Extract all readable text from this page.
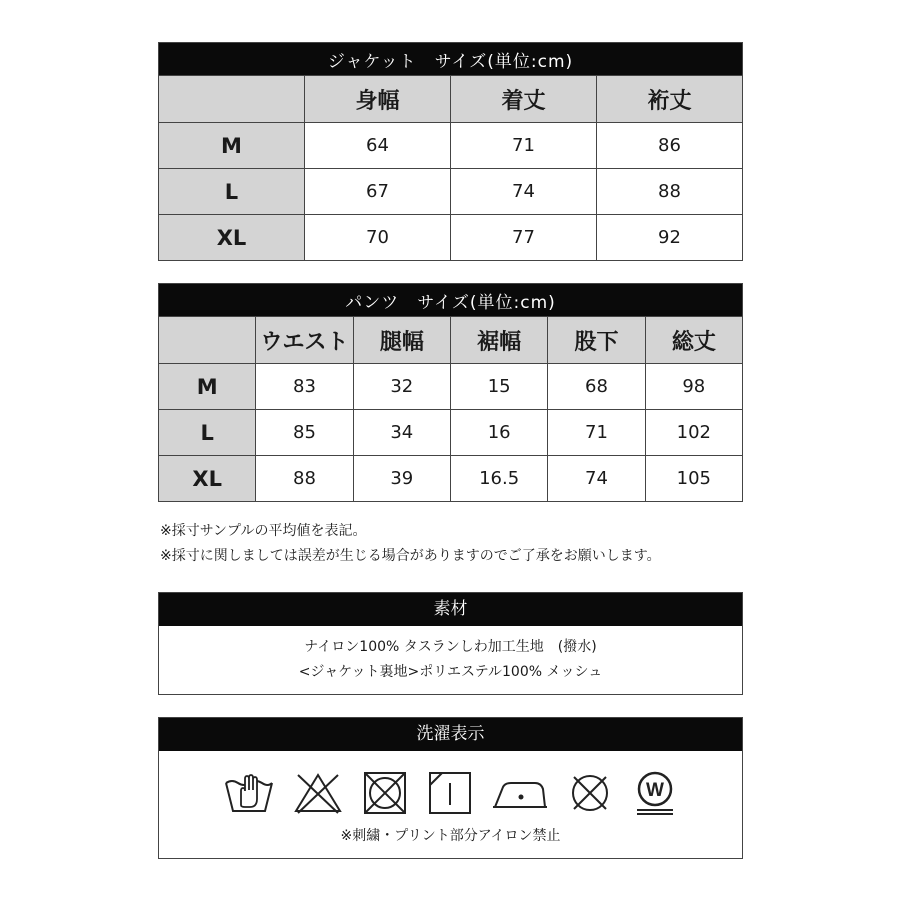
ジャケット　サイズ(単位:cm)			
	身幅	着丈	裄丈
M	64	71	86
L	67	74	88
XL	70	77	92
パンツ　サイズ(単位:cm)					
	ウエスト	腿幅	裾幅	股下	総丈
M	83	32	15	68	98
L	85	34	16	71	102
XL	88	39	16.5	74	105
※採寸サンプルの平均値を表記。
※採寸に関しましては誤差が生じる場合がありますのでご了承をお願いします。
素材
ナイロン100% タスランしわ加工生地　(撥水)
<ジャケット裏地>ポリエステル100% メッシュ
洗濯表示
W
※刺繍・プリント部分アイロン禁止
